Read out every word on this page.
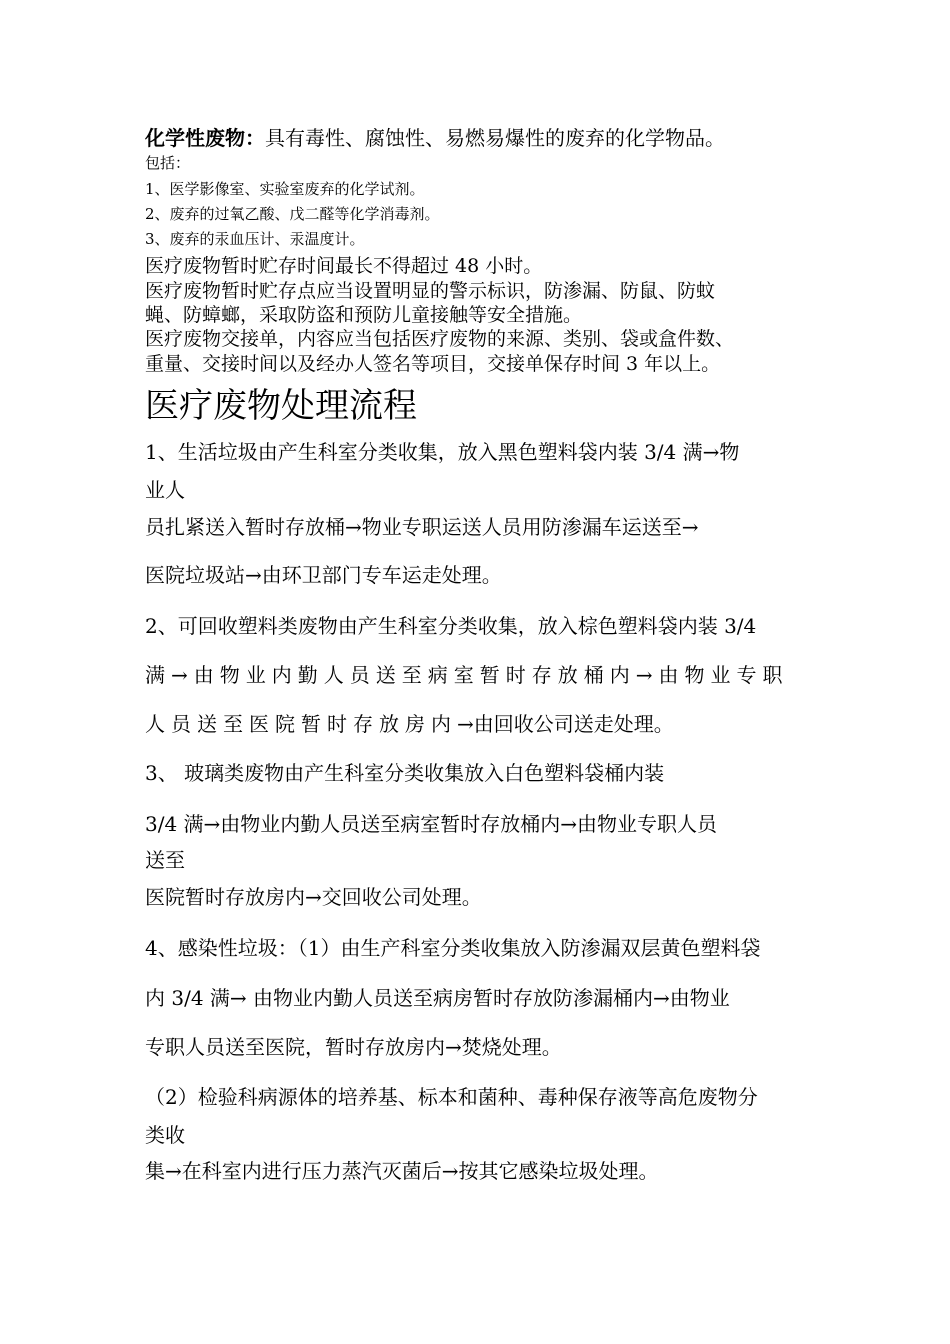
化学性废物：具有毒性、腐蚀性、易燃易爆性的废弃的化学物品。

包括：

1、医学影像室、实验室废弃的化学试剂。

2、废弃的过氧乙酸、戊二醛等化学消毒剂。

3、废弃的汞血压计、汞温度计。

医疗废物暂时贮存时间最长不得超过 48 小时。

医疗废物暂时贮存点应当设置明显的警示标识，防渗漏、防鼠、防蚊

蝇、防蟑螂，采取防盗和预防儿童接触等安全措施。

医疗废物交接单，内容应当包括医疗废物的来源、类别、袋或盒件数、

重量、交接时间以及经办人签名等项目，交接单保存时间 3 年以上。

医疗废物处理流程

1、生活垃圾由产生科室分类收集，放入黑色塑料袋内装 3/4 满→物

业人

员扎紧送入暂时存放桶→物业专职运送人员用防渗漏车运送至→

医院垃圾站→由环卫部门专车运走处理。

2、可回收塑料类废物由产生科室分类收集，放入棕色塑料袋内装 3/4

满→由物业内勤人员送至病室暂时存放桶内→由物业专职

人员送至医院暂时存放房内→由回收公司送走处理。

3、 玻璃类废物由产生科室分类收集放入白色塑料袋桶内装

3/4 满→由物业内勤人员送至病室暂时存放桶内→由物业专职人员

送至

医院暂时存放房内→交回收公司处理。

4、感染性垃圾：（1）由生产科室分类收集放入防渗漏双层黄色塑料袋

内 3/4 满→ 由物业内勤人员送至病房暂时存放防渗漏桶内→由物业

专职人员送至医院，暂时存放房内→焚烧处理。

（2）检验科病源体的培养基、标本和菌种、毒种保存液等高危废物分

类收

集→在科室内进行压力蒸汽灭菌后→按其它感染垃圾处理。
